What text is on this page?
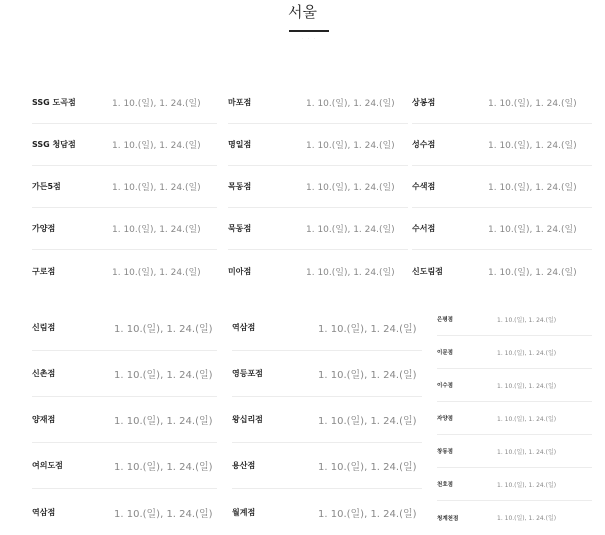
서울
· · ·
SSG 도곡점	1. 10.(일), 1. 24.(일)
SSG 청담점	1. 10.(일), 1. 24.(일)
가든5점	1. 10.(일), 1. 24.(일)
가양점	1. 10.(일), 1. 24.(일)
구로점	1. 10.(일), 1. 24.(일)
마포점	1. 10.(일), 1. 24.(일)
명일점	1. 10.(일), 1. 24.(일)
목동점	1. 10.(일), 1. 24.(일)
묵동점	1. 10.(일), 1. 24.(일)
미아점	1. 10.(일), 1. 24.(일)
상봉점	1. 10.(일), 1. 24.(일)
성수점	1. 10.(일), 1. 24.(일)
수색점	1. 10.(일), 1. 24.(일)
수서점	1. 10.(일), 1. 24.(일)
신도림점	1. 10.(일), 1. 24.(일)
신림점	1. 10.(일), 1. 24.(일)
신촌점	1. 10.(일), 1. 24.(일)
양재점	1. 10.(일), 1. 24.(일)
여의도점	1. 10.(일), 1. 24.(일)
역삼점	1. 10.(일), 1. 24.(일)
역삼점	1. 10.(일), 1. 24.(일)
영등포점	1. 10.(일), 1. 24.(일)
왕십리점	1. 10.(일), 1. 24.(일)
용산점	1. 10.(일), 1. 24.(일)
월계점	1. 10.(일), 1. 24.(일)
은평점	1. 10.(일), 1. 24.(일)
이문점	1. 10.(일), 1. 24.(일)
이수점	1. 10.(일), 1. 24.(일)
자양점	1. 10.(일), 1. 24.(일)
창동점	1. 10.(일), 1. 24.(일)
천호점	1. 10.(일), 1. 24.(일)
청계천점	1. 10.(일), 1. 24.(일)
